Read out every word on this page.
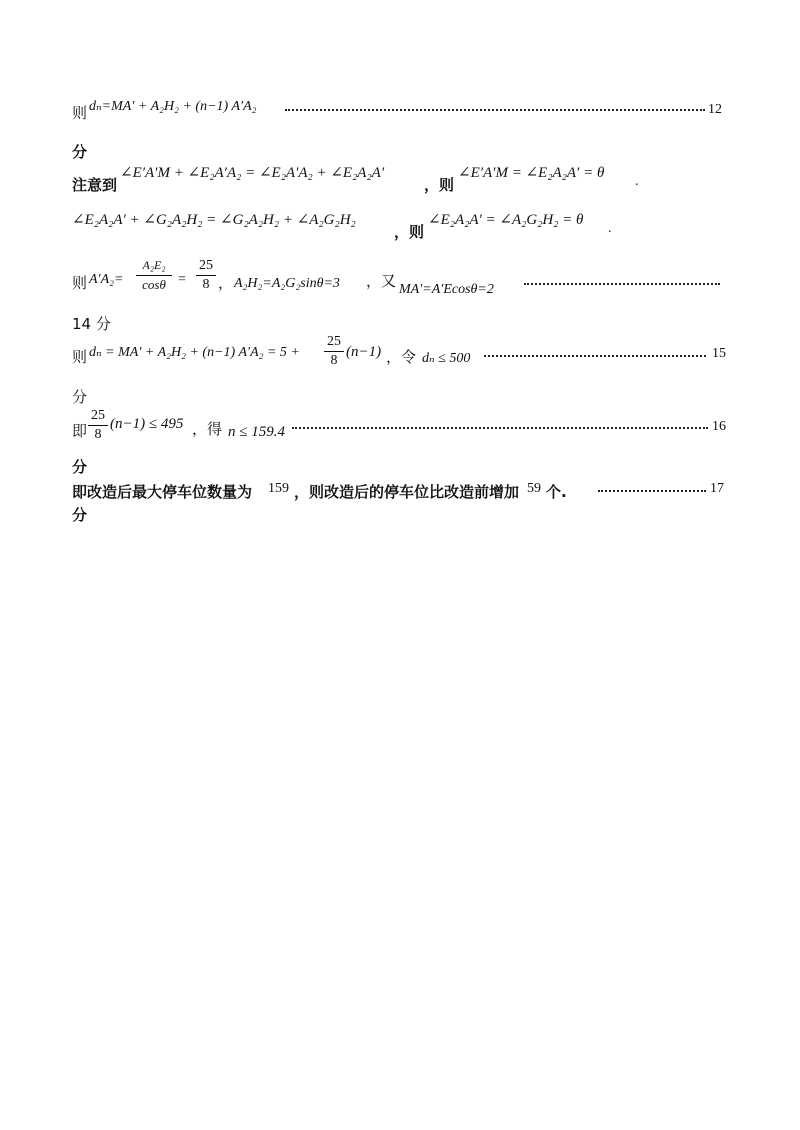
则 dₙ=MA′ + A₂H₂ + (n−1) A′A₂	12
分
注意到
∠E′A′M + ∠E₂A′A₂ = ∠E₂A′A₂ + ∠E₂A₂A′
，则
∠E′A′M = ∠E₂A₂A′ = θ
.
∠E₂A₂A′ + ∠G₂A₂H₂ = ∠G₂A₂H₂ + ∠A₂G₂H₂
，则
∠E₂A₂A′ = ∠A₂G₂H₂ = θ
.
则 A′A₂=
A₂E₂
cosθ =
25
8 ， A₂H₂=A₂G₂sinθ=3 ，又 MA′=A′Ecosθ=2
14 分
则 dₙ = MA′ + A₂H₂ + (n−1) A′A₂ = 5 +
25
8
(n−1) ，令 dₙ ≤ 500	15
分
即
25
8
(n−1) ≤ 495 ，得 n ≤ 159.4	16
分
即改造后最大停车位数量为 159 ，则改造后的停车位比改造前增加 59 个.	17
分
